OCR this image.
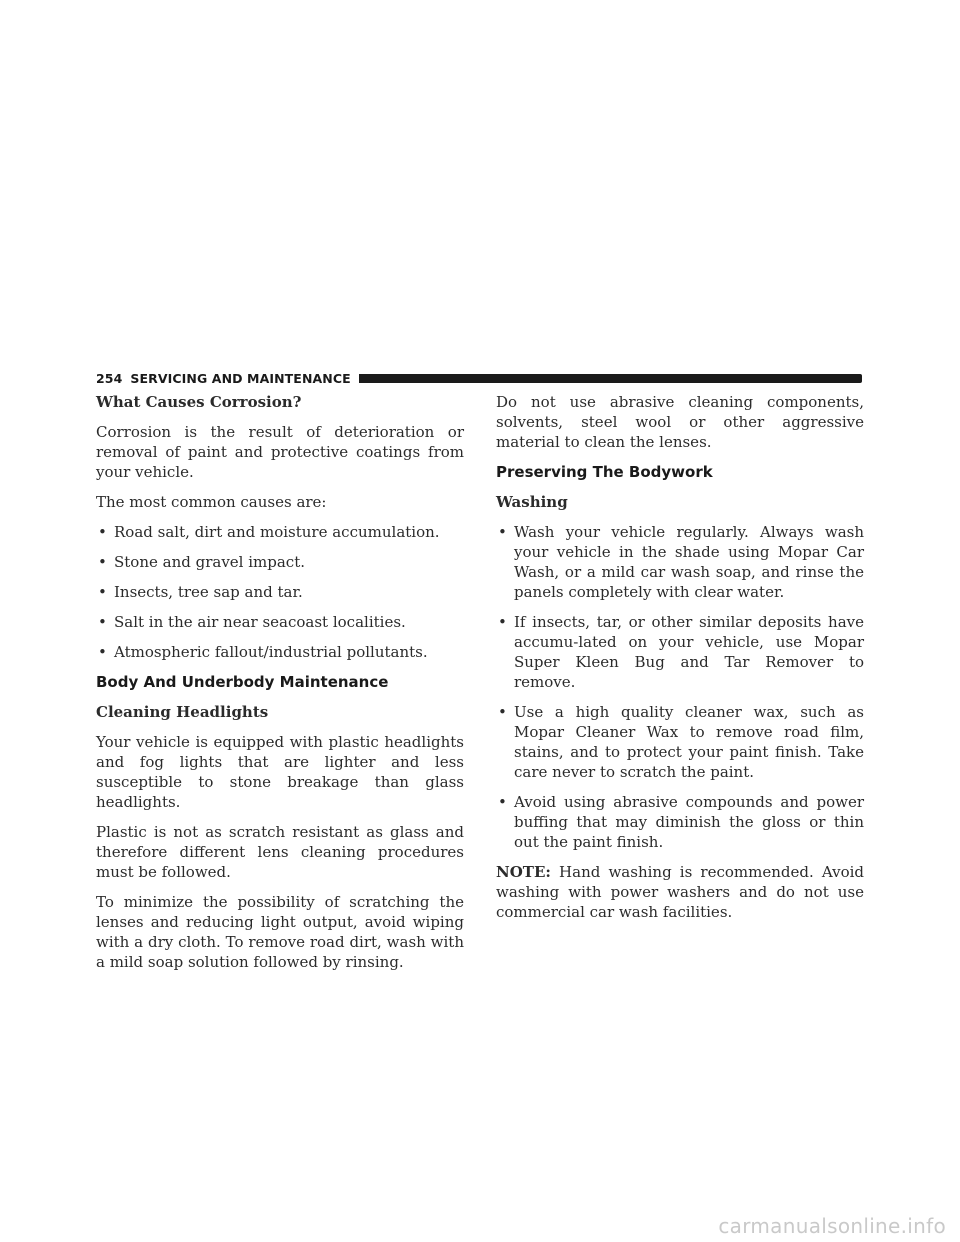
254 SERVICING AND MAINTENANCE
What Causes Corrosion?

Corrosion is the result of deterioration or removal of paint and protective coatings from your vehicle.

The most common causes are:

• Road salt, dirt and moisture accumulation.
• Stone and gravel impact.
• Insects, tree sap and tar.
• Salt in the air near seacoast localities.
• Atmospheric fallout/industrial pollutants.
Body And Underbody Maintenance
Cleaning Headlights

Your vehicle is equipped with plastic headlights and fog lights that are lighter and less susceptible to stone breakage than glass headlights.

Plastic is not as scratch resistant as glass and therefore different lens cleaning procedures must be followed.

To minimize the possibility of scratching the lenses and reducing light output, avoid wiping with a dry cloth. To remove road dirt, wash with a mild soap solution followed by rinsing.

Do not use abrasive cleaning components, solvents, steel wool or other aggressive material to clean the lenses.

Preserving The Bodywork
Washing
• Wash your vehicle regularly. Always wash your vehicle in the shade using Mopar Car Wash, or a mild car wash soap, and rinse the panels completely with clear water.
• If insects, tar, or other similar deposits have accumu-lated on your vehicle, use Mopar Super Kleen Bug and Tar Remover to remove.
• Use a high quality cleaner wax, such as Mopar Cleaner Wax to remove road film, stains, and to protect your paint finish. Take care never to scratch the paint.
• Avoid using abrasive compounds and power buffing that may diminish the gloss or thin out the paint finish.

NOTE: Hand washing is recommended. Avoid washing with power washers and do not use commercial car wash facilities.

carmanualsonline.info
